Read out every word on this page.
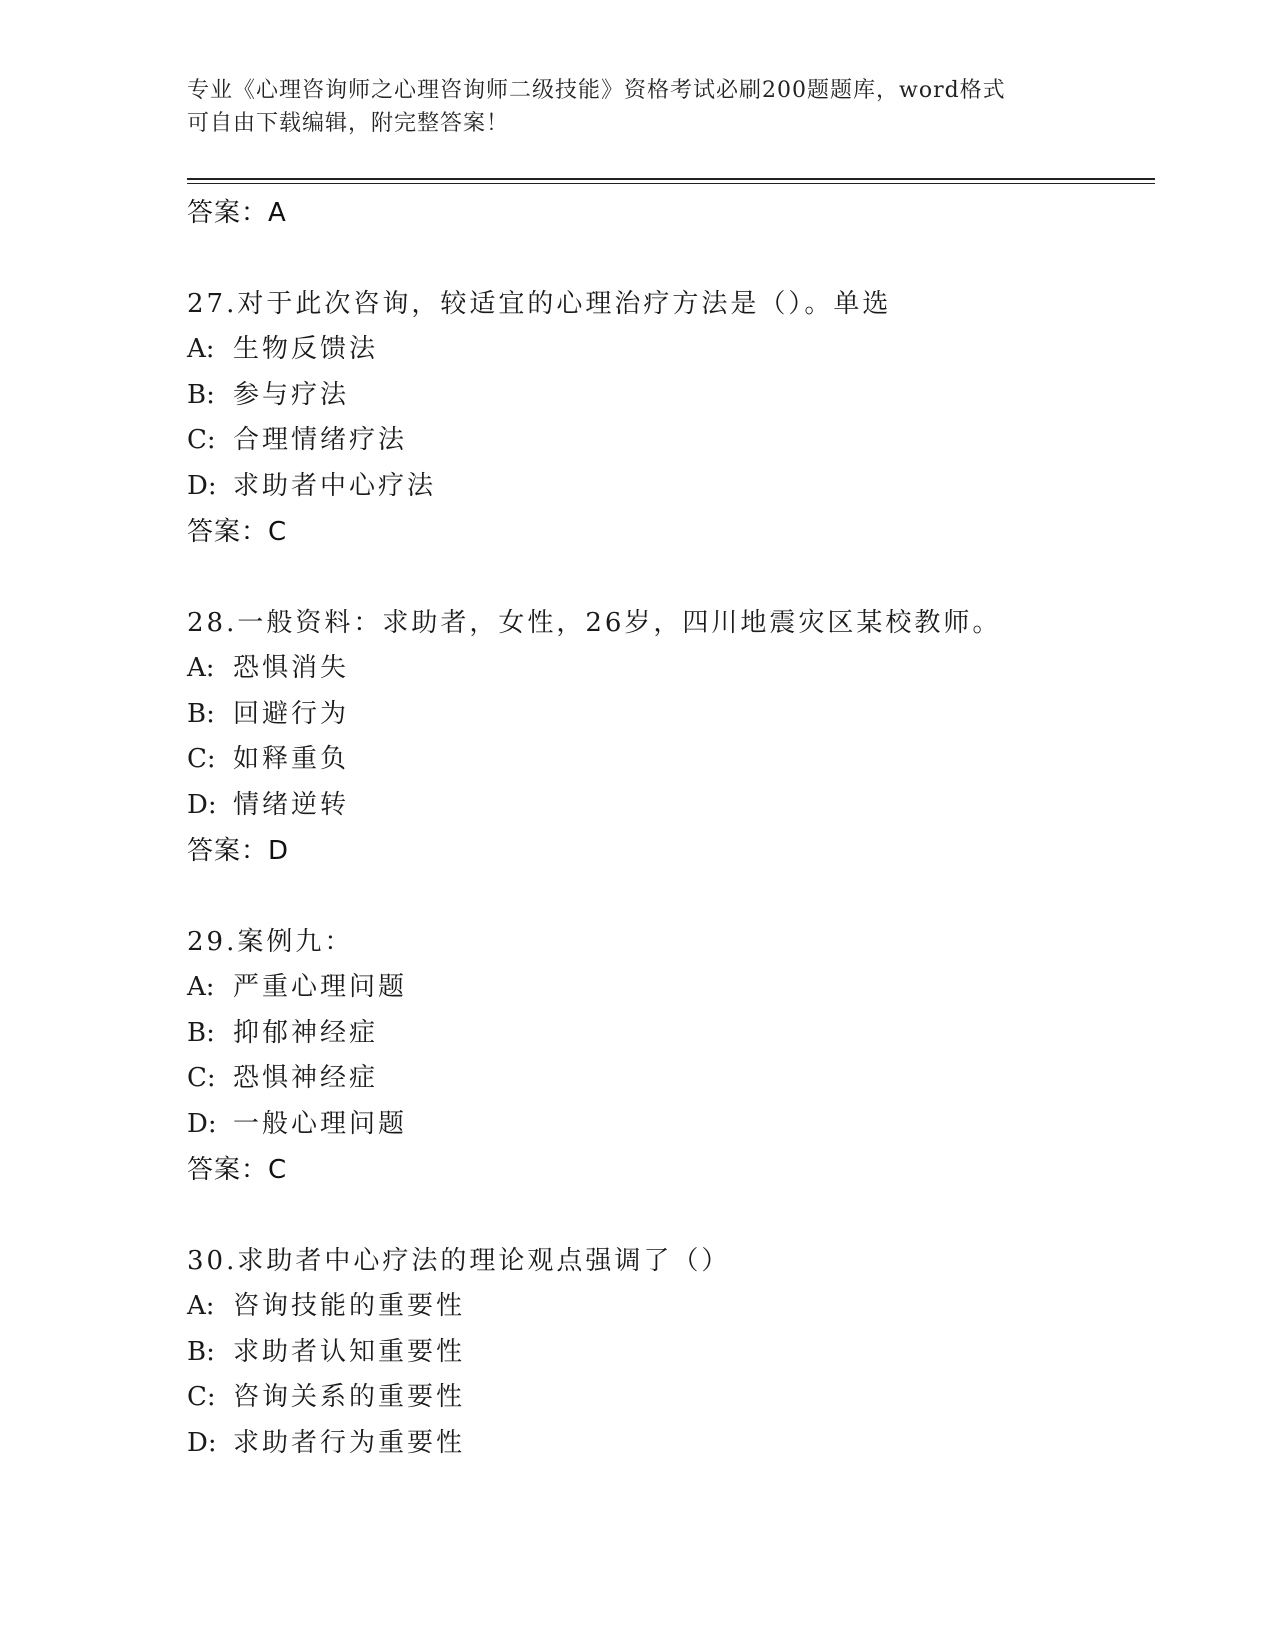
专业《心理咨询师之心理咨询师二级技能》资格考试必刷200题题库，word格式
可自由下载编辑，附完整答案！
答案：A
27.对于此次咨询，较适宜的心理治疗方法是（）。单选
A: 生物反馈法
B: 参与疗法
C: 合理情绪疗法
D: 求助者中心疗法
答案：C
28.一般资料：求助者，女性，26岁，四川地震灾区某校教师。
A: 恐惧消失
B: 回避行为
C: 如释重负
D: 情绪逆转
答案：D
29.案例九：
A: 严重心理问题
B: 抑郁神经症
C: 恐惧神经症
D: 一般心理问题
答案：C
30.求助者中心疗法的理论观点强调了（）
A: 咨询技能的重要性
B: 求助者认知重要性
C: 咨询关系的重要性
D: 求助者行为重要性
